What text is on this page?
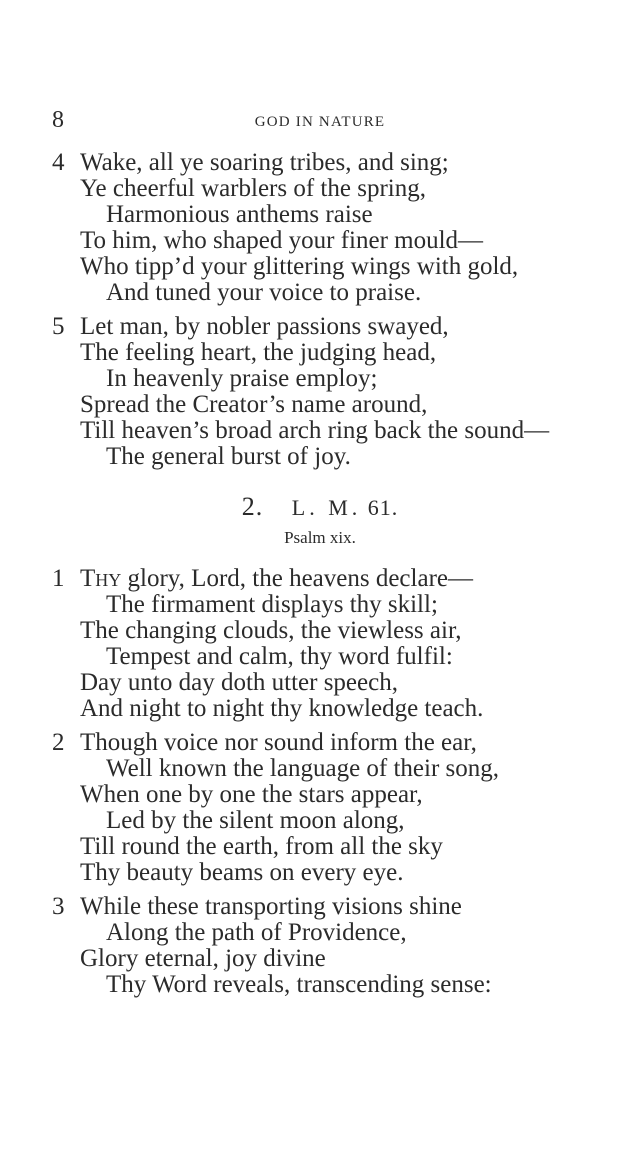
8	GOD IN NATURE
4 Wake, all ye soaring tribes, and sing;
Ye cheerful warblers of the spring,
Harmonious anthems raise
To him, who shaped your finer mould—
Who tipp’d your glittering wings with gold,
And tuned your voice to praise.
5 Let man, by nobler passions swayed,
The feeling heart, the judging head,
In heavenly praise employ;
Spread the Creator’s name around,
Till heaven’s broad arch ring back the sound—
The general burst of joy.
2. L. M. 61.
Psalm xix.
1 Thy glory, Lord, the heavens declare—
The firmament displays thy skill;
The changing clouds, the viewless air,
Tempest and calm, thy word fulfil:
Day unto day doth utter speech,
And night to night thy knowledge teach.
2 Though voice nor sound inform the ear,
Well known the language of their song,
When one by one the stars appear,
Led by the silent moon along,
Till round the earth, from all the sky
Thy beauty beams on every eye.
3 While these transporting visions shine
Along the path of Providence,
Glory eternal, joy divine
Thy Word reveals, transcending sense:
